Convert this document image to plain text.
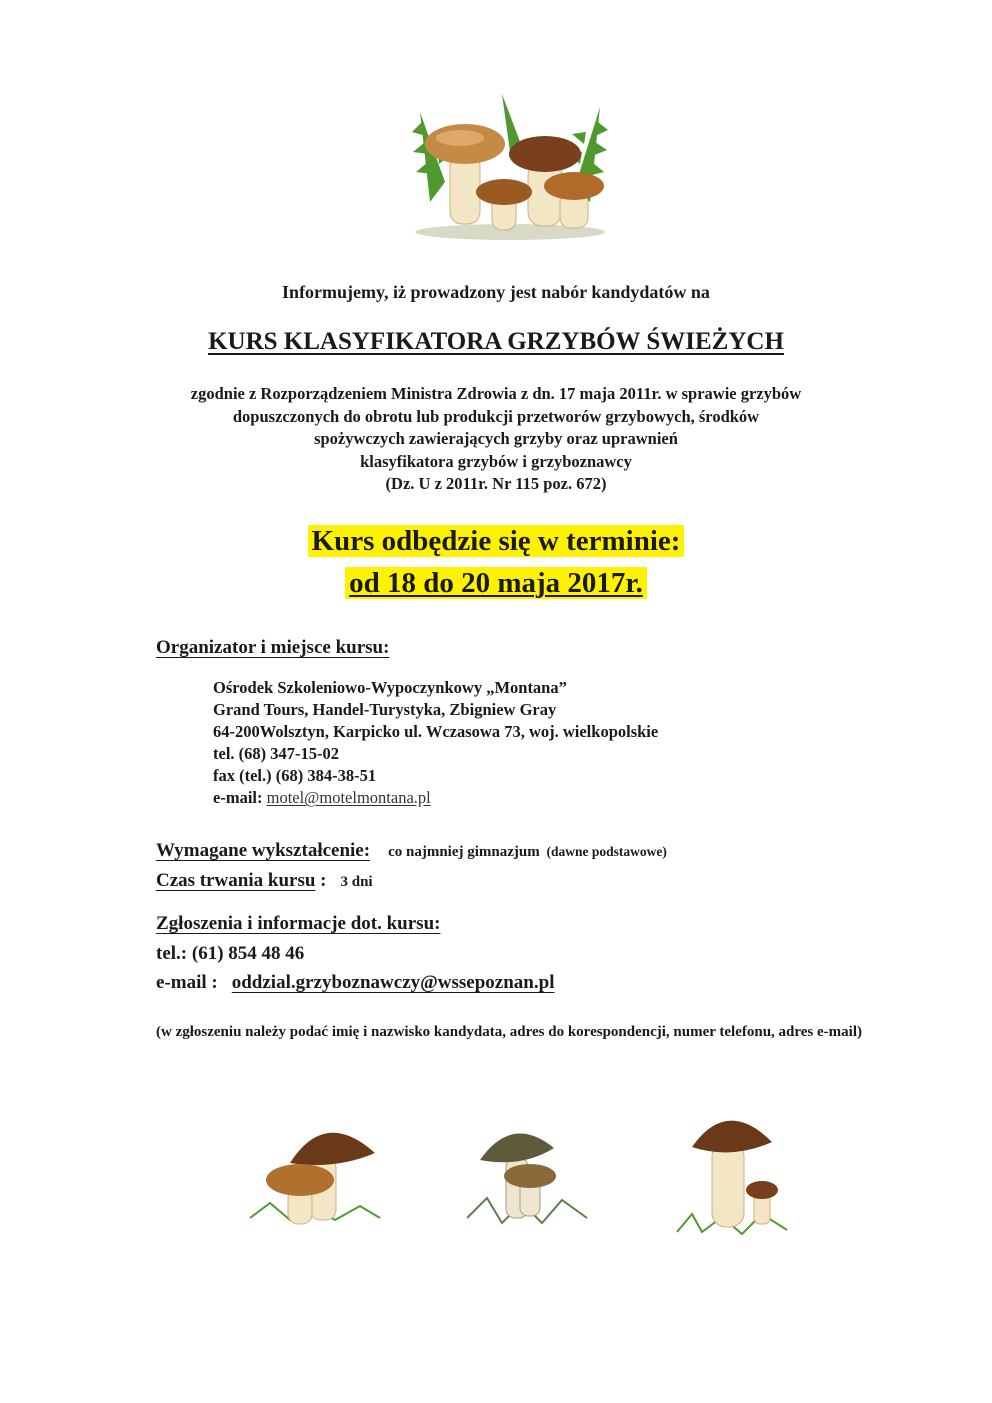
Informujemy, iż prowadzony jest nabór kandydatów na
KURS KLASYFIKATORA GRZYBÓW ŚWIEŻYCH
zgodnie z Rozporządzeniem Ministra Zdrowia z dn. 17 maja 2011r. w sprawie grzybów
dopuszczonych do obrotu lub produkcji przetworów grzybowych, środków
spożywczych zawierających grzyby oraz uprawnień
klasyfikatora grzybów i grzyboznawcy
(Dz. U z 2011r. Nr 115 poz. 672)
Kurs odbędzie się w terminie:
od 18 do 20 maja 2017r.
Organizator i miejsce kursu:
Ośrodek Szkoleniowo-Wypoczynkowy „Montana”
Grand Tours, Handel-Turystyka, Zbigniew Gray
64-200Wolsztyn, Karpicko ul. Wczasowa 73, woj. wielkopolskie
tel. (68) 347-15-02
fax (tel.) (68) 384-38-51
e-mail: motel@motelmontana.pl
Wymagane wykształcenie: co najmniej gimnazjum (dawne podstawowe)
Czas trwania kursu : 3 dni
Zgłoszenia i informacje dot. kursu:
tel.: (61) 854 48 46
e-mail : oddzial.grzyboznawczy@wssepoznan.pl
(w zgłoszeniu należy podać imię i nazwisko kandydata, adres do korespondencji, numer telefonu, adres e-mail)
